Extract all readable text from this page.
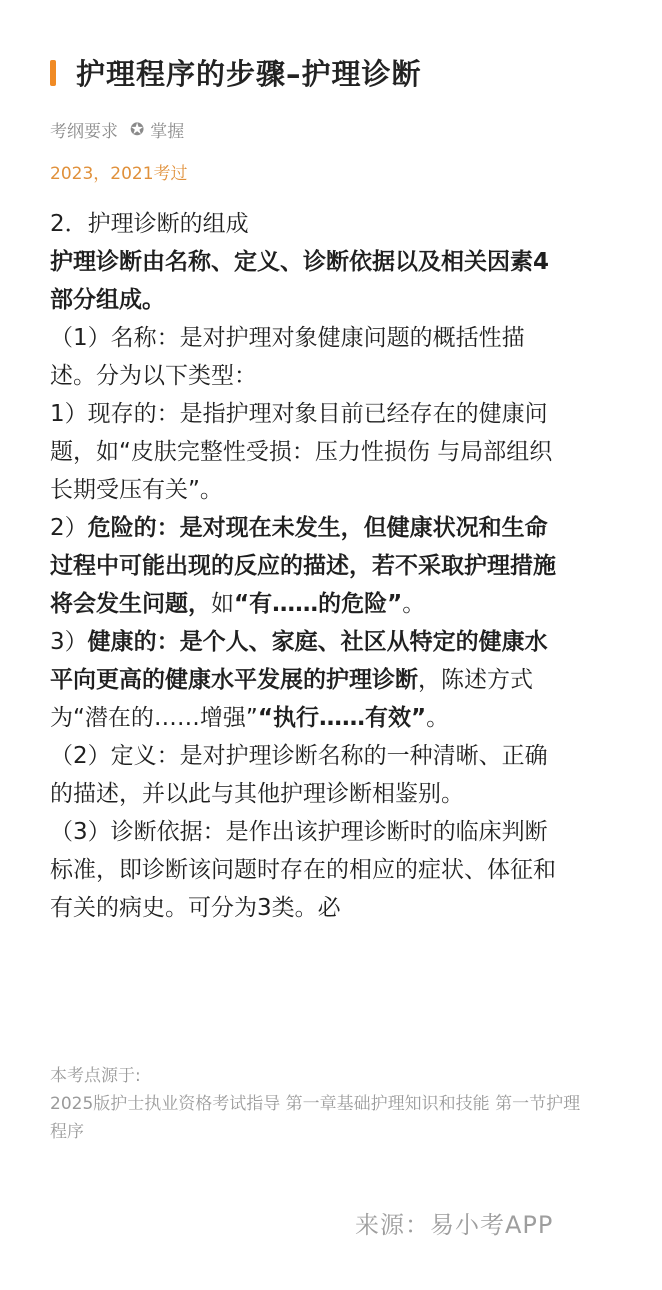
护理程序的步骤–护理诊断
考纲要求 ✪ 掌握
2023，2021考过

2．护理诊断的组成

护理诊断由名称、定义、诊断依据以及相关因素4部分组成。

（1）名称：是对护理对象健康问题的概括性描述。分为以下类型：

1）现存的：是指护理对象目前已经存在的健康问题，如“皮肤完整性受损：压力性损伤 与局部组织长期受压有关”。

2）危险的：是对现在未发生，但健康状况和生命过程中可能出现的反应的描述，若不采取护理措施将会发生问题，如“有……的危险”。

3）健康的：是个人、家庭、社区从特定的健康水平向更高的健康水平发展的护理诊断，陈述方式为“潜在的……增强”“执行……有效”。

（2）定义：是对护理诊断名称的一种清晰、正确的描述，并以此与其他护理诊断相鉴别。

（3）诊断依据：是作出该护理诊断时的临床判断标准，即诊断该问题时存在的相应的症状、体征和有关的病史。可分为3类。必

本考点源于:

2025版护士执业资格考试指导 第一章基础护理知识和技能 第一节护理程序

来源：易小考APP
